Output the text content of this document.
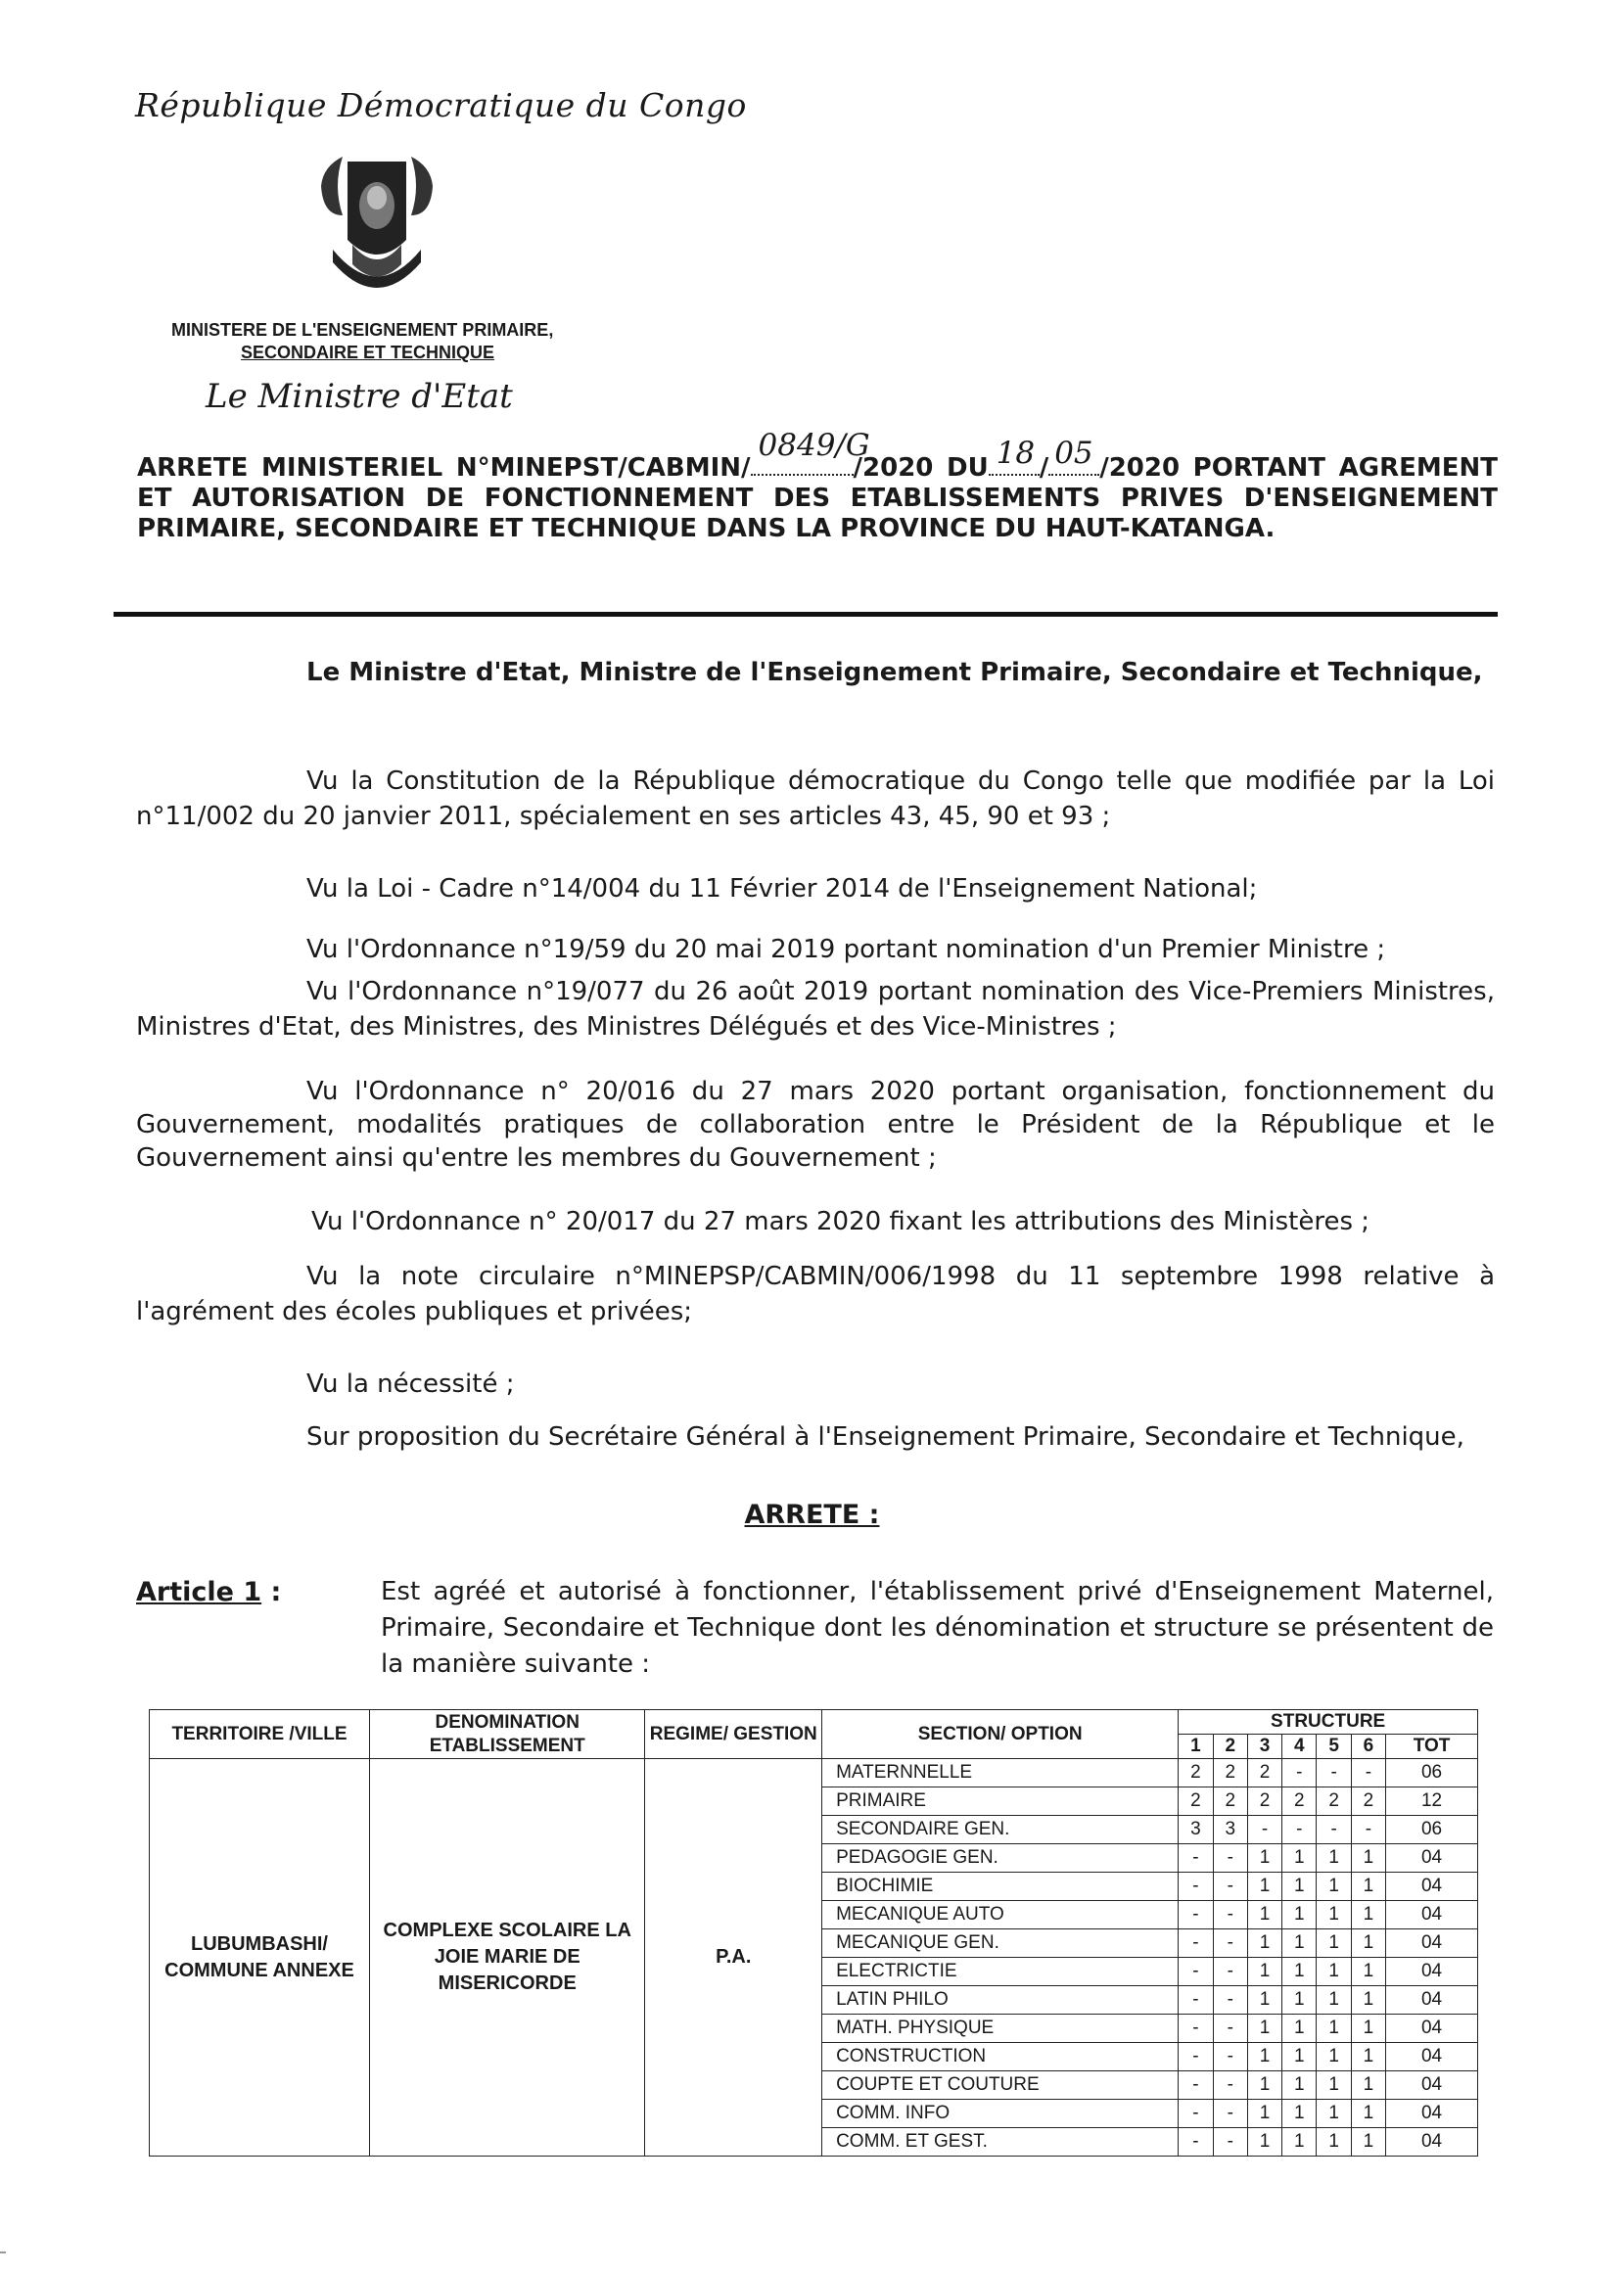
République Démocratique du Congo
MINISTERE DE L'ENSEIGNEMENT PRIMAIRE,
SECONDAIRE ET TECHNIQUE
Le Ministre d'Etat
ARRETE MINISTERIEL N°MINEPST/CABMIN/
0849/G
/2020 DU 18 / 05 /2020 PORTANT AGREMENT ET AUTORISATION DE FONCTIONNEMENT DES ETABLISSEMENTS PRIVES D'ENSEIGNEMENT PRIMAIRE, SECONDAIRE ET TECHNIQUE DANS LA PROVINCE DU HAUT-KATANGA.
Le Ministre d'Etat, Ministre de l'Enseignement Primaire, Secondaire et Technique,
Vu la Constitution de la République démocratique du Congo telle que modifiée par la Loi n°11/002 du 20 janvier 2011, spécialement en ses articles 43, 45, 90 et 93 ;
Vu la Loi - Cadre n°14/004 du 11 Février 2014 de l'Enseignement National;
Vu l'Ordonnance n°19/59 du 20 mai 2019 portant nomination d'un Premier Ministre ;
Vu l'Ordonnance n°19/077 du 26 août 2019 portant nomination des Vice-Premiers Ministres, Ministres d'Etat, des Ministres, des Ministres Délégués et des Vice-Ministres ;
Vu l'Ordonnance n° 20/016 du 27 mars 2020 portant organisation, fonctionnement du Gouvernement, modalités pratiques de collaboration entre le Président de la République et le Gouvernement ainsi qu'entre les membres du Gouvernement ;
Vu l'Ordonnance n° 20/017 du 27 mars 2020 fixant les attributions des Ministères ;
Vu la note circulaire n°MINEPSP/CABMIN/006/1998 du 11 septembre 1998 relative à l'agrément des écoles publiques et privées;
Vu la nécessité ;
Sur proposition du Secrétaire Général à l'Enseignement Primaire, Secondaire et Technique,
ARRETE :
Article 1 :	Est agréé et autorisé à fonctionner, l'établissement privé d'Enseignement Maternel, Primaire, Secondaire et Technique dont les dénomination et structure se présentent de la manière suivante :
TERRITOIRE /VILLE	DENOMINATION ETABLISSEMENT	REGIME/ GESTION	SECTION/ OPTION	STRUCTURE						
				1	2	3	4	5	6	TOT
LUBUMBASHI/ COMMUNE ANNEXE	COMPLEXE SCOLAIRE LA JOIE MARIE DE MISERICORDE	P.A.	MATERNNELLE	2	2	2	-	-	-	06
			PRIMAIRE	2	2	2	2	2	2	12
			SECONDAIRE GEN.	3	3	-	-	-	-	06
			PEDAGOGIE GEN.	-	-	1	1	1	1	04
			BIOCHIMIE	-	-	1	1	1	1	04
			MECANIQUE AUTO	-	-	1	1	1	1	04
			MECANIQUE GEN.	-	-	1	1	1	1	04
			ELECTRICTIE	-	-	1	1	1	1	04
			LATIN PHILO	-	-	1	1	1	1	04
			MATH. PHYSIQUE	-	-	1	1	1	1	04
			CONSTRUCTION	-	-	1	1	1	1	04
			COUPTE ET COUTURE	-	-	1	1	1	1	04
			COMM. INFO	-	-	1	1	1	1	04
			COMM. ET GEST.	-	-	1	1	1	1	04
